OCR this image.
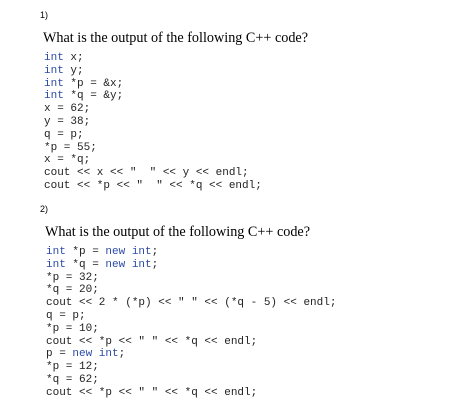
1)
What is the output of the following C++ code?
int x;
int y;
int *p = &x;
int *q = &y;
x = 62;
y = 38;
q = p;
*p = 55;
x = *q;
cout << x << "  " << y << endl;
cout << *p << "  " << *q << endl;
2)
What is the output of the following C++ code?
int *p = new int;
int *q = new int;
*p = 32;
*q = 20;
cout << 2 * (*p) << " " << (*q - 5) << endl;
q = p;
*p = 10;
cout << *p << " " << *q << endl;
p = new int;
*p = 12;
*q = 62;
cout << *p << " " << *q << endl;
